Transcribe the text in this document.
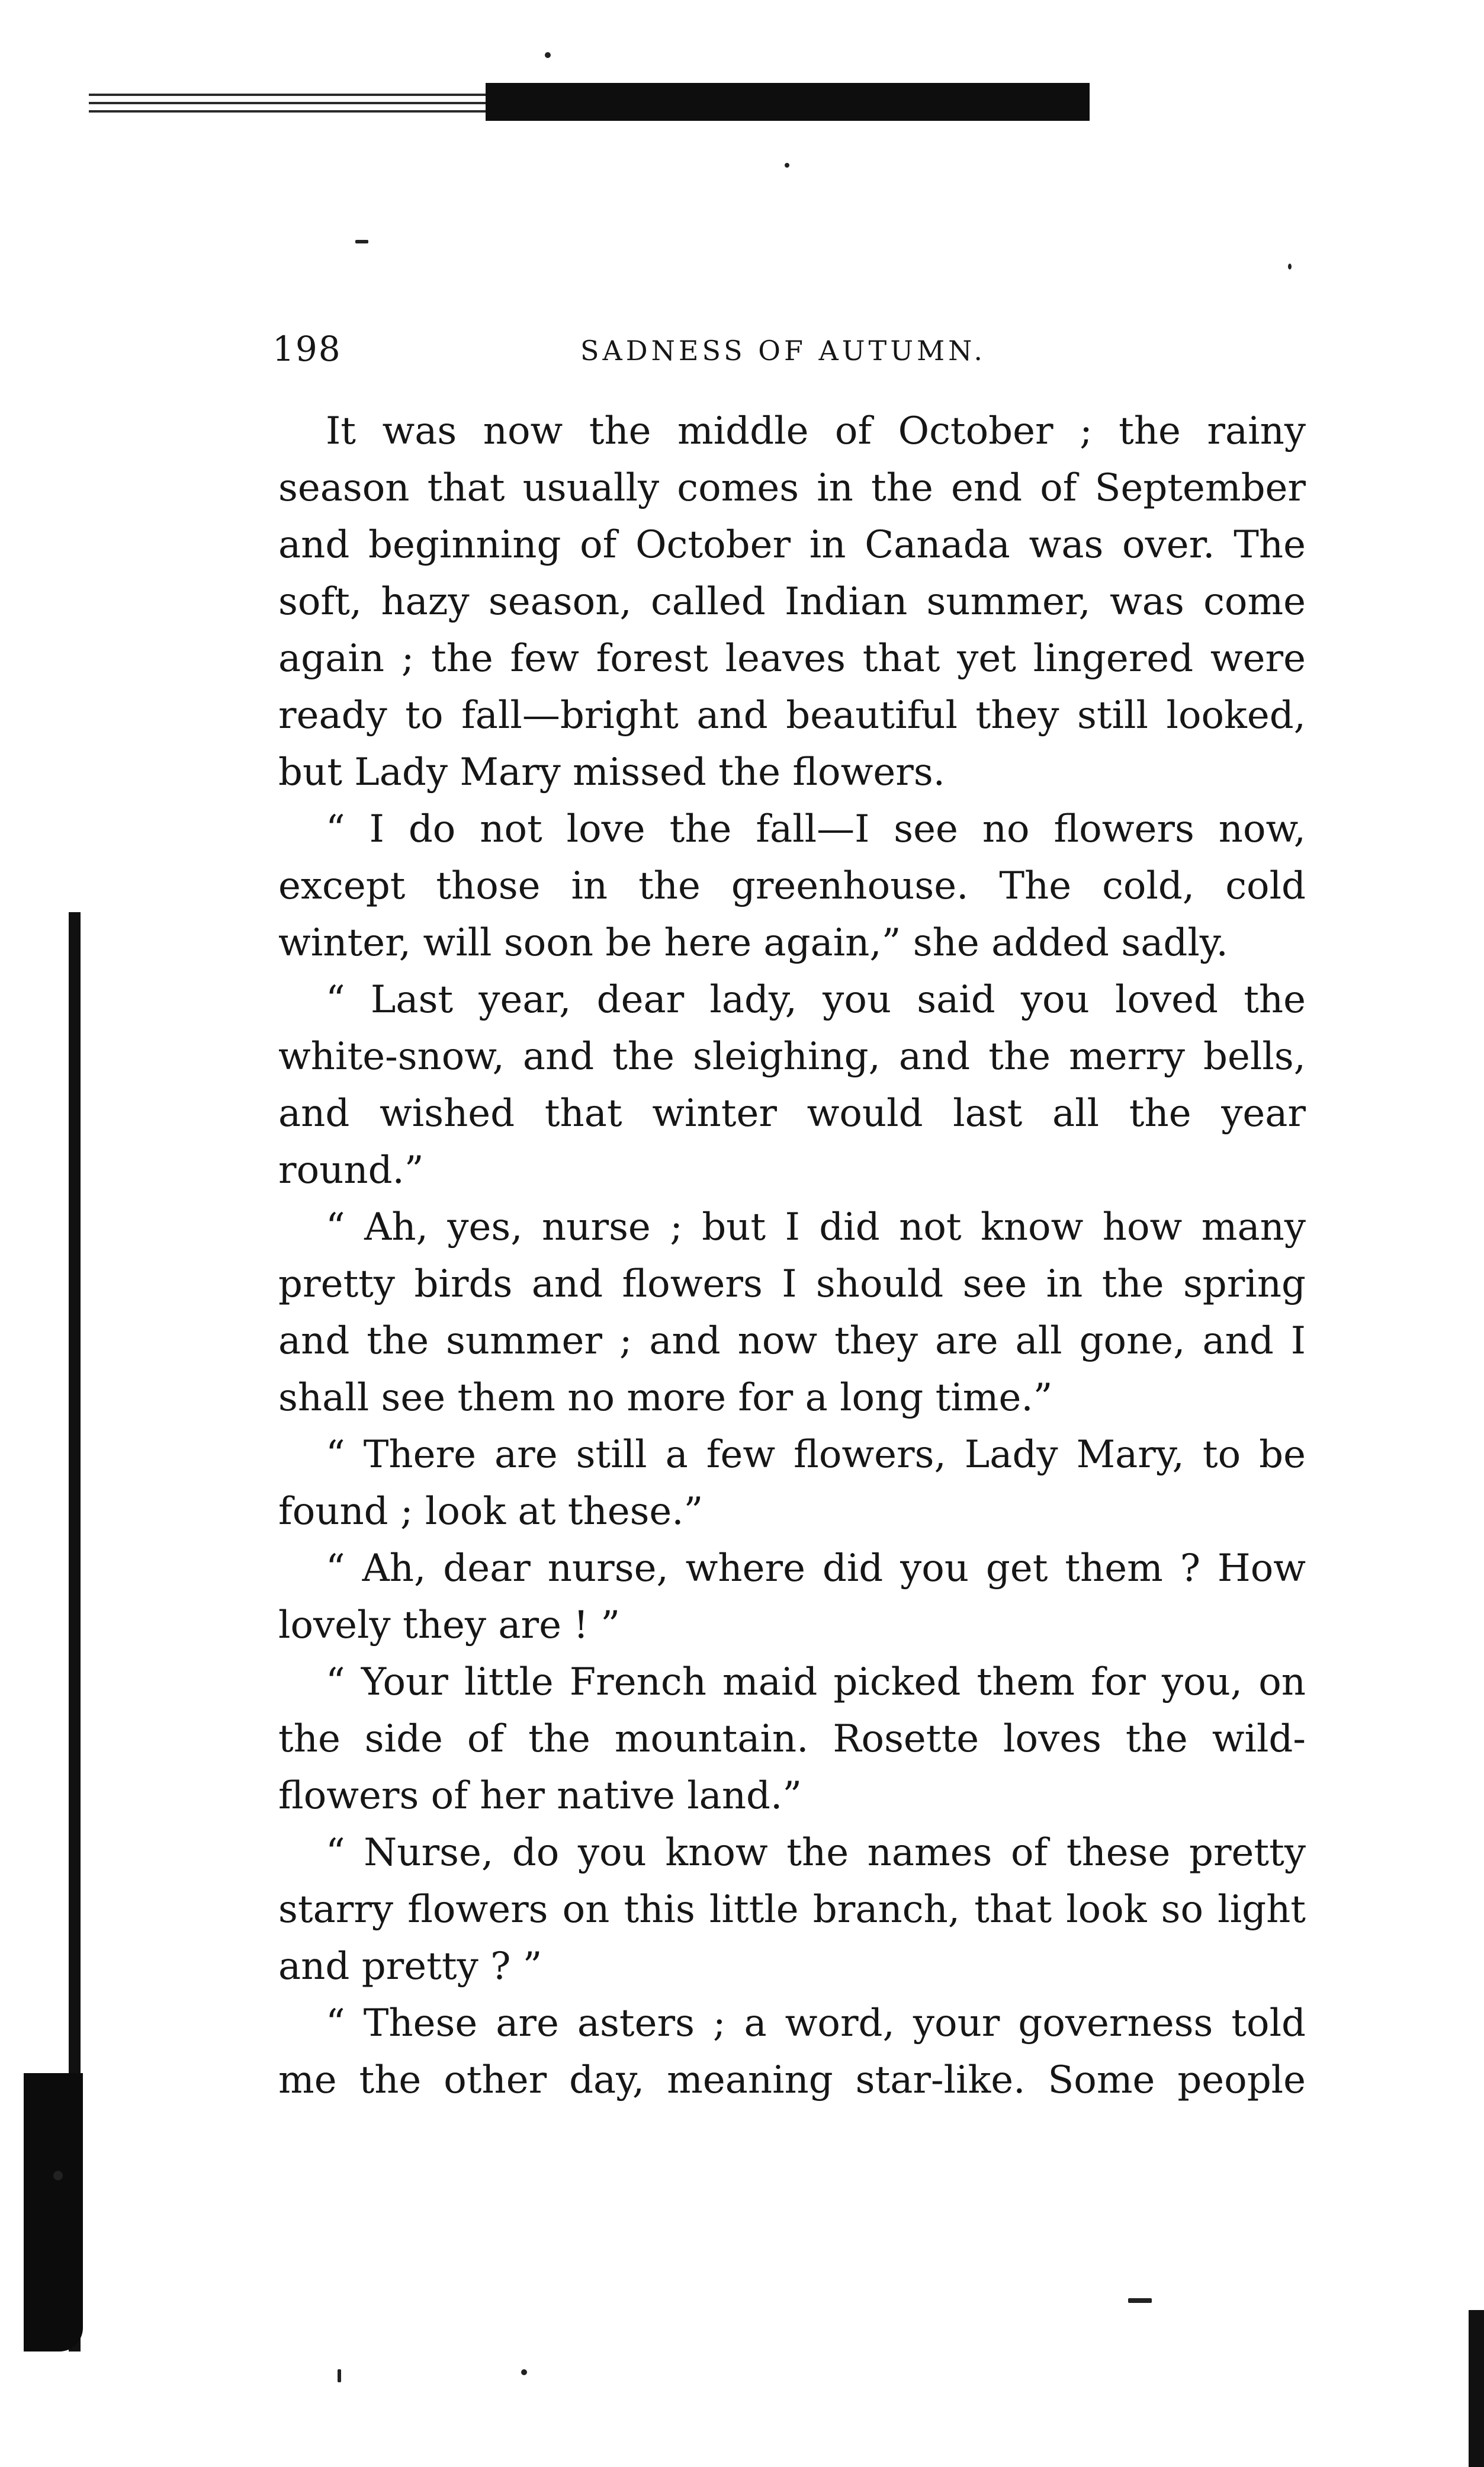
198	SADNESS OF AUTUMN.

It was now the middle of October ; the rainy
season that usually comes in the end of September
and beginning of October in Canada was over. The
soft, hazy season, called Indian summer, was come
again ; the few forest leaves that yet lingered were
ready to fall—bright and beautiful they still looked,
but Lady Mary missed the flowers.

“ I do not love the fall—I see no flowers now,
except those in the greenhouse. The cold, cold
winter, will soon be here again,” she added sadly.

“ Last year, dear lady, you said you loved the
white-snow, and the sleighing, and the merry bells,
and wished that winter would last all the year
round.”

“ Ah, yes, nurse ; but I did not know how many
pretty birds and flowers I should see in the spring
and the summer ; and now they are all gone, and I
shall see them no more for a long time.”

“ There are still a few flowers, Lady Mary, to be
found ; look at these.”

“ Ah, dear nurse, where did you get them ? How
lovely they are ! ”

“ Your little French maid picked them for you, on
the side of the mountain. Rosette loves the wild-
flowers of her native land.”

“ Nurse, do you know the names of these pretty
starry flowers on this little branch, that look so light
and pretty ? ”

“ These are asters ; a word, your governess told
me the other day, meaning star-like. Some people
